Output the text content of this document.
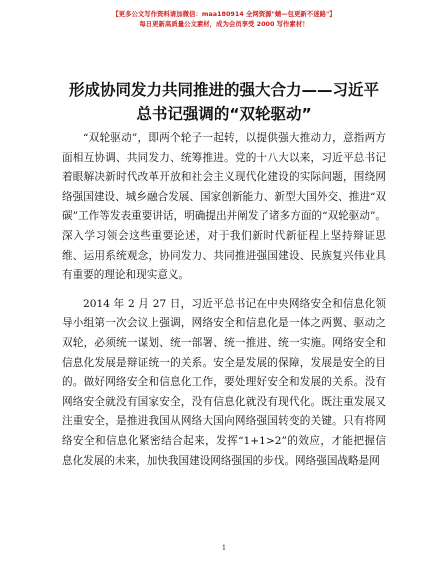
【更多公文写作资料请加微信：maa180914 全网资源"蜻—包更新不迷路"】
每日更新高质量公文素材，成为会员享受 2000 写作素材！
形成协同发力共同推进的强大合力——习近平
总书记强调的“双轮驱动”

“双轮驱动”，即两个轮子一起转，以提供强大推动力，意指两方面相互协调、共同发力、统筹推进。党的十八大以来，习近平总书记着眼解决新时代改革开放和社会主义现代化建设的实际问题，围绕网络强国建设、城乡融合发展、国家创新能力、新型大国外交、推进“双碳”工作等发表重要讲话，明确提出并阐发了诸多方面的“双轮驱动”。深入学习领会这些重要论述，对于我们新时代新征程上坚持辩证思维、运用系统观念，协同发力、共同推进强国建设、民族复兴伟业具有重要的理论和现实意义。

2014 年 2 月 27 日，习近平总书记在中央网络安全和信息化领导小组第一次会议上强调，网络安全和信息化是一体之两翼、驱动之双轮，必须统一谋划、统一部署、统一推进、统一实施。网络安全和信息化发展是辩证统一的关系。安全是发展的保障，发展是安全的目的。做好网络安全和信息化工作，要处理好安全和发展的关系。没有网络安全就没有国家安全，没有信息化就没有现代化。既注重发展又注重安全，是推进我国从网络大国向网络强国转变的关键。只有将网络安全和信息化紧密结合起来，发挥“1+1>2”的效应，才能把握信息化发展的未来，加快我国建设网络强国的步伐。网络强国战略是网

1
